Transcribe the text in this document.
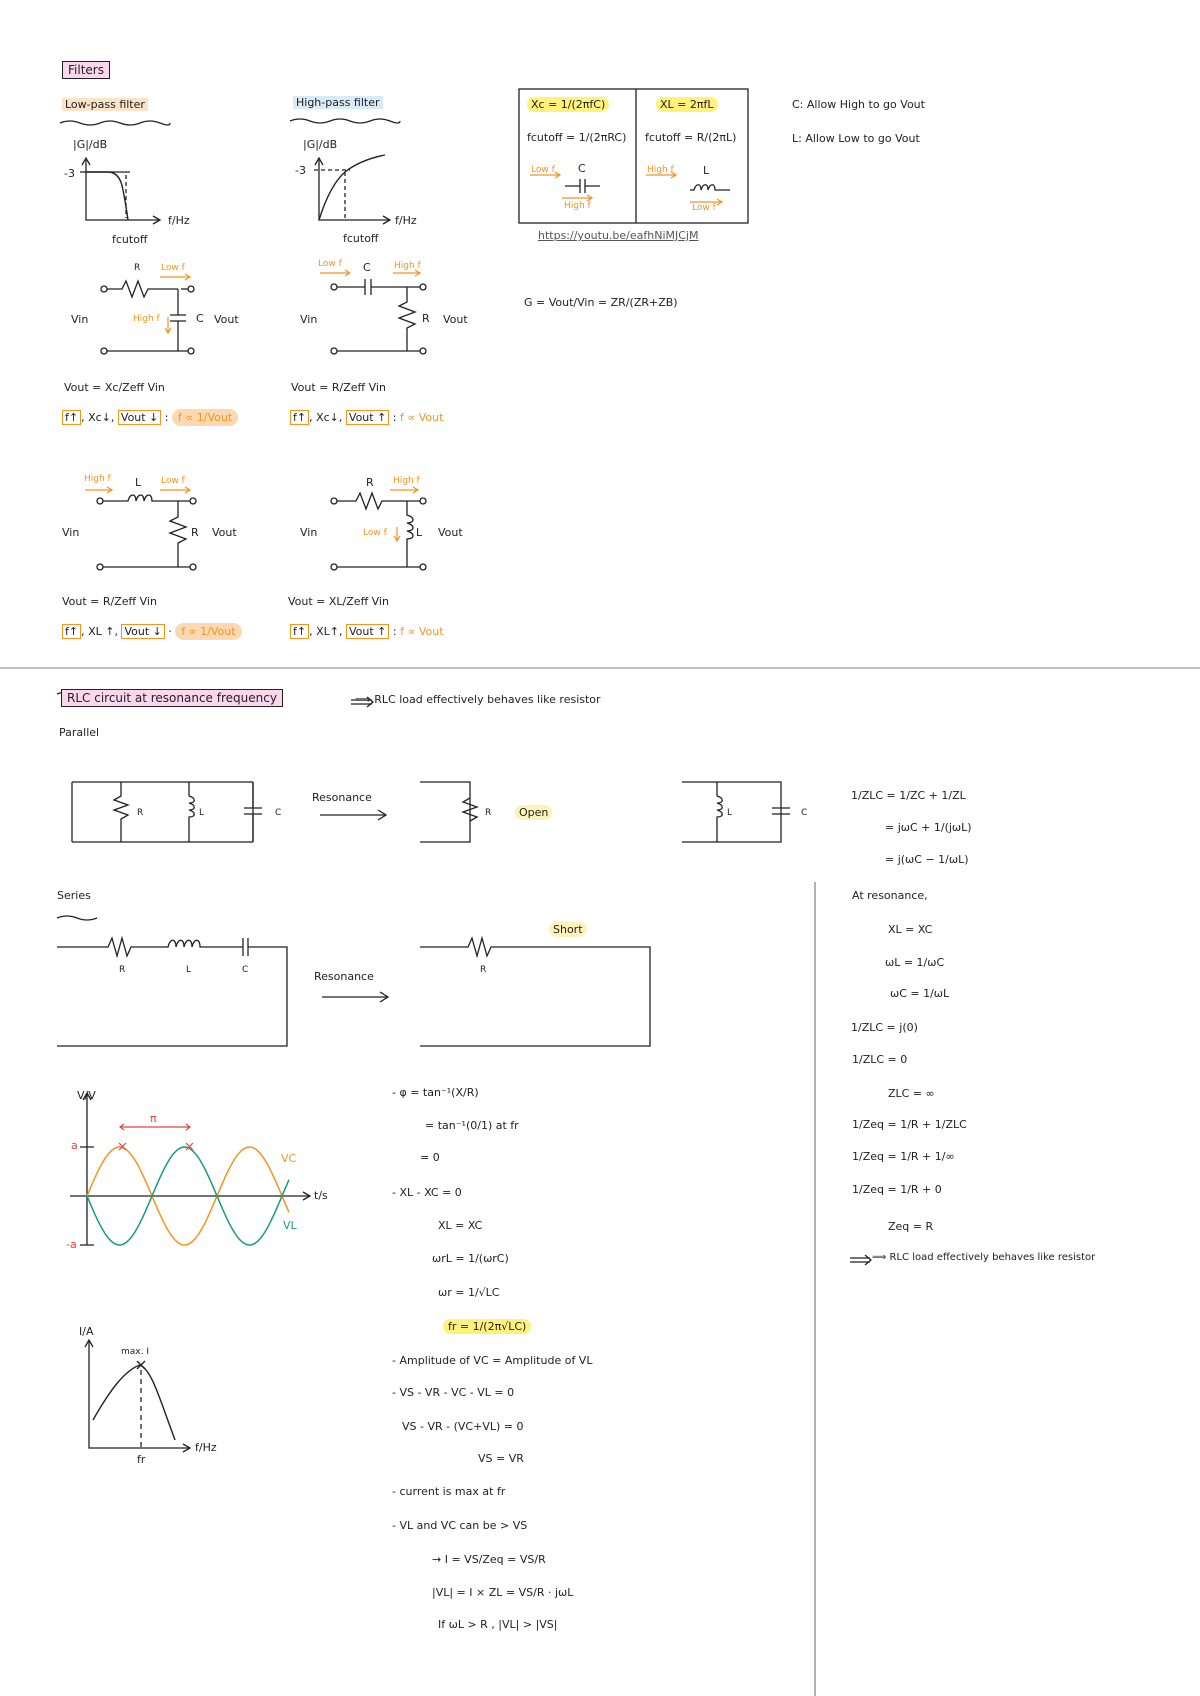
Filters
Low-pass filter	High-pass filter
|G|/dB
-3
f/Hz
fcutoff
R Low f
High f	C
Vin	Vout
Vout = Xc/Zeff Vin
f↑ , Xc↓, Vout ↓ : f ∝ 1/Vout
|G|/dB
-3
f/Hz
fcutoff
Low f C	High f
R
Vin	Vout
Vout = R/Zeff Vin
f↑ , Xc↓, Vout ↑ : f ∝ Vout
High f L Low f
Vin	R Vout
Vout = R/Zeff Vin
f↑ , XL ↑, Vout ↓ · f ∝ 1/Vout
R High f
Vin	Low f	L Vout
Vout = XL/Zeff Vin
f↑ , XL↑, Vout ↑ : f ∝ Vout
Xc = 1/(2πfC)	XL = 2πfL
fcutoff = 1/(2πRC) fcutoff = R/(2πL)
Low f C
High f
High f	L
Low f
https://youtu.be/eafhNiMJCjM
C: Allow High to go Vout
L: Allow Low to go Vout
G = Vout/Vin = ZR/(ZR+ZB)
RLC circuit at resonance frequency	⟹ RLC load effectively behaves like resistor
Parallel
R	L	C
Resonance
R	Open	L	C
Series
R	L	C	Resonance	R
Short
1/ZLC = 1/ZC + 1/ZL
= jωC + 1/(jωL)
= j(ωC − 1/ωL)
At resonance,
XL = XC
ωL = 1/ωC
ωC = 1/ωL
1/ZLC = j(0)
1/ZLC = 0
ZLC = ∞
1/Zeq = 1/R + 1/ZLC
1/Zeq = 1/R + 1/∞
1/Zeq = 1/R + 0
Zeq = R
⟹ RLC load effectively behaves like resistor
V/V
t/s
a
-a
π
VC
VL
I/A
max. I
f/Hz
fr
- φ = tan⁻¹(X/R)
= tan⁻¹(0/1) at fr
= 0
- XL - XC = 0
XL = XC
ωrL = 1/(ωrC)
ωr = 1/√LC
fr = 1/(2π√LC)
- Amplitude of VC = Amplitude of VL
- VS - VR - VC - VL = 0
VS - VR - (VC+VL) = 0
VS = VR
- current is max at fr
- VL and VC can be > VS
→ I = VS/Zeq = VS/R
|VL| = I × ZL = VS/R · jωL
If ωL > R , |VL| > |VS|
